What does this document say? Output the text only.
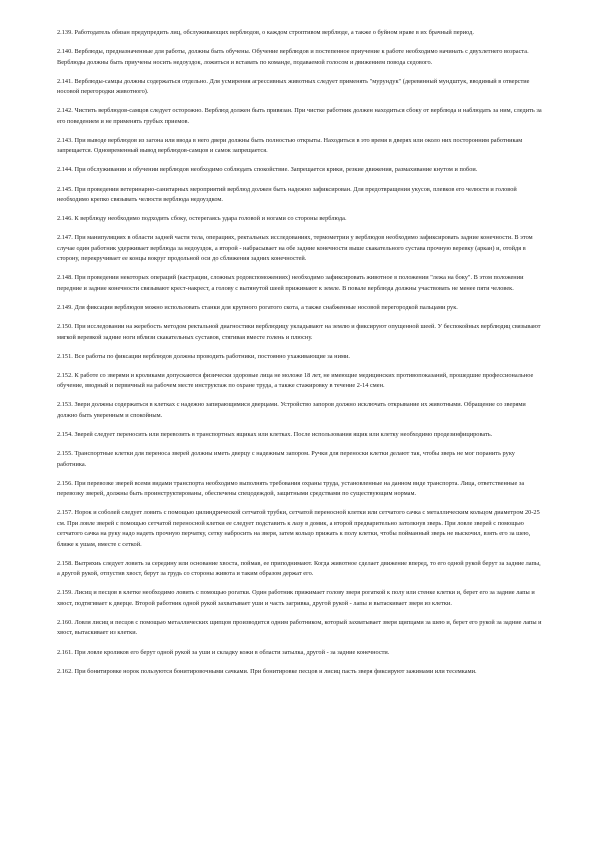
2.139. Работодатель обязан предупредить лиц, обслуживающих верблюдов, о каждом строптивом верблюде, а также о буйном нраве в их брачный период.

2.140. Верблюды, предназначенные для работы, должны быть обучены. Обучение верблюдов и постепенное приучение к работе необходимо начинать с двухлетнего возраста. Верблюды должны быть приучены носить недоуздок, ложиться и вставать по команде, подаваемой голосом и движением повода седового.

2.141. Верблюды-самцы должны содержаться отдельно. Для усмирения агрессивных животных следует применять "мурундук" (деревянный мундштук, вводимый в отверстие носовой перегородки животного).

2.142. Чистить верблюдов-самцов следует осторожно. Верблюд должен быть привязан. При чистке работник должен находиться сбоку от верблюда и наблюдать за ним, следить за его поведением и не применять грубых приемов.

2.143. При выводе верблюдов из загона или ввода в него двери должны быть полностью открыты. Находиться в это время в дверях или около них посторонним работникам запрещается. Одновременный вывод верблюдов-самцов и самок запрещается.

2.144. При обслуживании и обучении верблюдов необходимо соблюдать спокойствие. Запрещается крики, резкие движения, размахивание кнутом и побои.

2.145. При проведении ветеринарно-санитарных мероприятий верблюд должен быть надежно зафиксирован. Для предотвращения укусов, плевков его челюсти и головой необходимо крепко связывать челюсти верблюда недоуздком.

2.146. К верблюду необходимо подходить сбоку, остерегаясь удара головой и ногами со стороны верблюда.

2.147. При манипуляциях в области задней части тела, операциях, ректальных исследованиях, термометрии у верблюдов необходимо зафиксировать задние конечности. В этом случае один работник удерживает верблюда за недоуздок, а второй - набрасывает на обе задние конечности выше скакательного сустава прочную веревку (аркан) и, отойдя в сторону, перекручивает ее концы вокруг продольной оси до сближения задних конечностей.

2.148. При проведении некоторых операций (кастрации, сложных родовспоможениях) необходимо зафиксировать животное в положении "лежа на боку". В этом положении передние и задние конечности связывают крест-накрест, а голову с вытянутой шеей прижимают к земле. В повале верблюда должны участвовать не менее пяти человек.

2.149. Для фиксации верблюдов можно использовать станки для крупного рогатого скота, а также снабженные носовой перегородкой пальцами рук.

2.150. При исследовании на жеребость методом ректальной диагностики верблюдицу укладывают на землю и фиксируют опущенной шеей. У беспокойных верблюдиц связывают мягкой веревкой задние ноги вблизи скакательных суставов, стягивая вместе голень и плюсну.

2.151. Все работы по фиксации верблюдов должны проводить работники, постоянно ухаживающие за ними.

2.152. К работе со зверями и кроликами допускаются физически здоровые лица не моложе 18 лет, не имеющие медицинских противопоказаний, прошедшие профессиональное обучение, вводный и первичный на рабочем месте инструктаж по охране труда, а также стажировку в течение 2-14 смен.

2.153. Звери должны содержаться в клетках с надежно запирающимися дверцами. Устройство запоров должно исключать открывание их животными. Обращение со зверями должно быть уверенным и спокойным.

2.154. Зверей следует переносить или перевозить в транспортных ящиках или клетках. После использования ящик или клетку необходимо продезинфицировать.

2.155. Транспортные клетки для переноса зверей должны иметь дверцу с надежным запором. Ручки для переноски клетки делают так, чтобы зверь не мог поранить руку работника.

2.156. При перевозке зверей всеми видами транспорта необходимо выполнять требования охраны труда, установленные на данном виде транспорта. Лица, ответственные за перевозку зверей, должны быть проинструктированы, обеспечены спецодеждой, защитными средствами по существующим нормам.

2.157. Норок и соболей следует ловить с помощью цилиндрической сетчатой трубки, сетчатой переносной клетки или сетчатого сачка с металлическим кольцом диаметром 20-25 см. При ловле зверей с помощью сетчатой переносной клетки ее следует подставить к лазу в домик, а второй предварительно затолкнув зверь. При ловле зверей с помощью сетчатого сачка на руку надо надеть прочную перчатку, сетку набросить на зверя, затем кольцо прижать к полу клетки, чтобы пойманный зверь не выскочил, взять его за шею, ближе к ушам, вместе с сеткой.

2.158. Вытряхиь следует ловить за середину или основание хвоста, поймав, ее приподнимают. Когда животное сделает движение вперед, то его одной рукой берут за задние лапы, а другой рукой, отпустив хвост, берут за грудь со стороны живота и таким образом держат его.

2.159. Лисиц и песцов в клетке необходимо ловить с помощью рогатки. Один работник прижимает голову зверя рогаткой к полу или стенке клетки и, берет его за задние лапы и хвост, подтягивает к дверце. Второй работник одной рукой захватывает уши и часть загривка, другой рукой - лапы и вытаскивает зверя из клетки.

2.160. Ловля лисиц и песцов с помощью металлических щипцов производится одним работником, который захватывает зверя щипцами за шею и, берет его рукой за задние лапы и хвост, вытаскивает из клетки.

2.161. При ловле кроликов его берут одной рукой за уши и складку кожи в области затылка, другой - за задние конечности.

2.162. При бонитировке норок пользуются бонитировочными сачками. При бонитировке песцов и лисиц пасть зверя фиксируют зажимами или тесемками.
